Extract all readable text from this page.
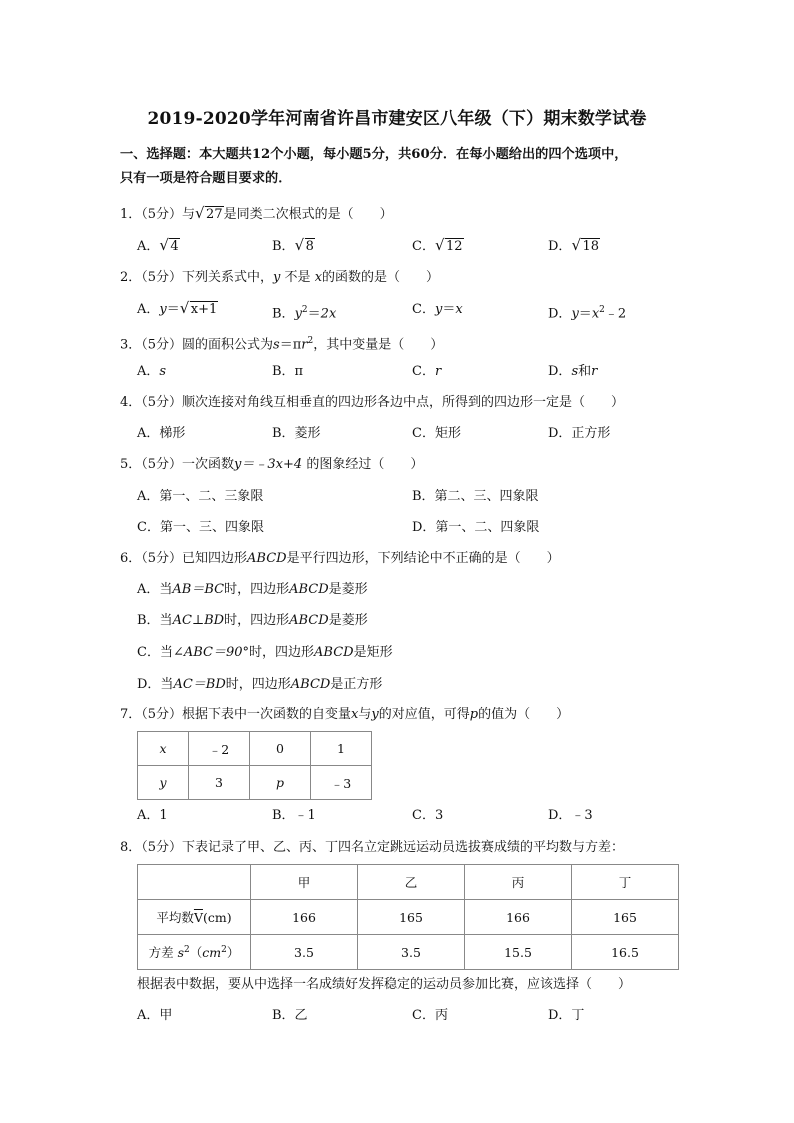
2019-2020学年河南省许昌市建安区八年级（下）期末数学试卷
一、选择题：本大题共12个小题，每小题5分，共60分．在每小题给出的四个选项中，
只有一项是符合题目要求的．
1．（5分）与 √ 27是同类二次根式的是（　　）
A． √ 4	B． √ 8	C． √ 12	D． √ 18
2．（5分）下列关系式中，y 不是 x的函数的是（　　）
A．y＝ √ x+1	B．$y^2=2x$	C．y＝x	D．$y=x^2﹣2$
3．（5分）圆的面积公式为$s=\pi r^2$，其中变量是（　　）
A．s	B．π	C．r	D．s和r
4．（5分）顺次连接对角线互相垂直的四边形各边中点，所得到的四边形一定是（　　）
A．梯形	B．菱形	C．矩形	D．正方形
5．（5分）一次函数y＝﹣3x+4 的图象经过（　　）
A．第一、二、三象限	B．第二、三、四象限
C．第一、三、四象限	D．第一、二、四象限
6．（5分）已知四边形ABCD是平行四边形，下列结论中不正确的是（　　）
A．当AB＝BC时，四边形ABCD是菱形
B．当AC⊥BD时，四边形ABCD是菱形
C．当∠ABC＝90°时，四边形ABCD是矩形
D．当AC＝BD时，四边形ABCD是正方形
7．（5分）根据下表中一次函数的自变量x与y的对应值，可得p的值为（　　）
x	﹣2	0	1
y	3	p	﹣3
A．1	B．﹣1	C．3	D．﹣3
8．（5分）下表记录了甲、乙、丙、丁四名立定跳远运动员选拔赛成绩的平均数与方差：
	甲	乙	丙	丁
平均数$\overline{V}(cm)$	166	165	166	165
方差 $s^2(cm^2)$	3.5	3.5	15.5	16.5
根据表中数据，要从中选择一名成绩好发挥稳定的运动员参加比赛，应该选择（　　）
A．甲	B．乙	C．丙	D．丁
